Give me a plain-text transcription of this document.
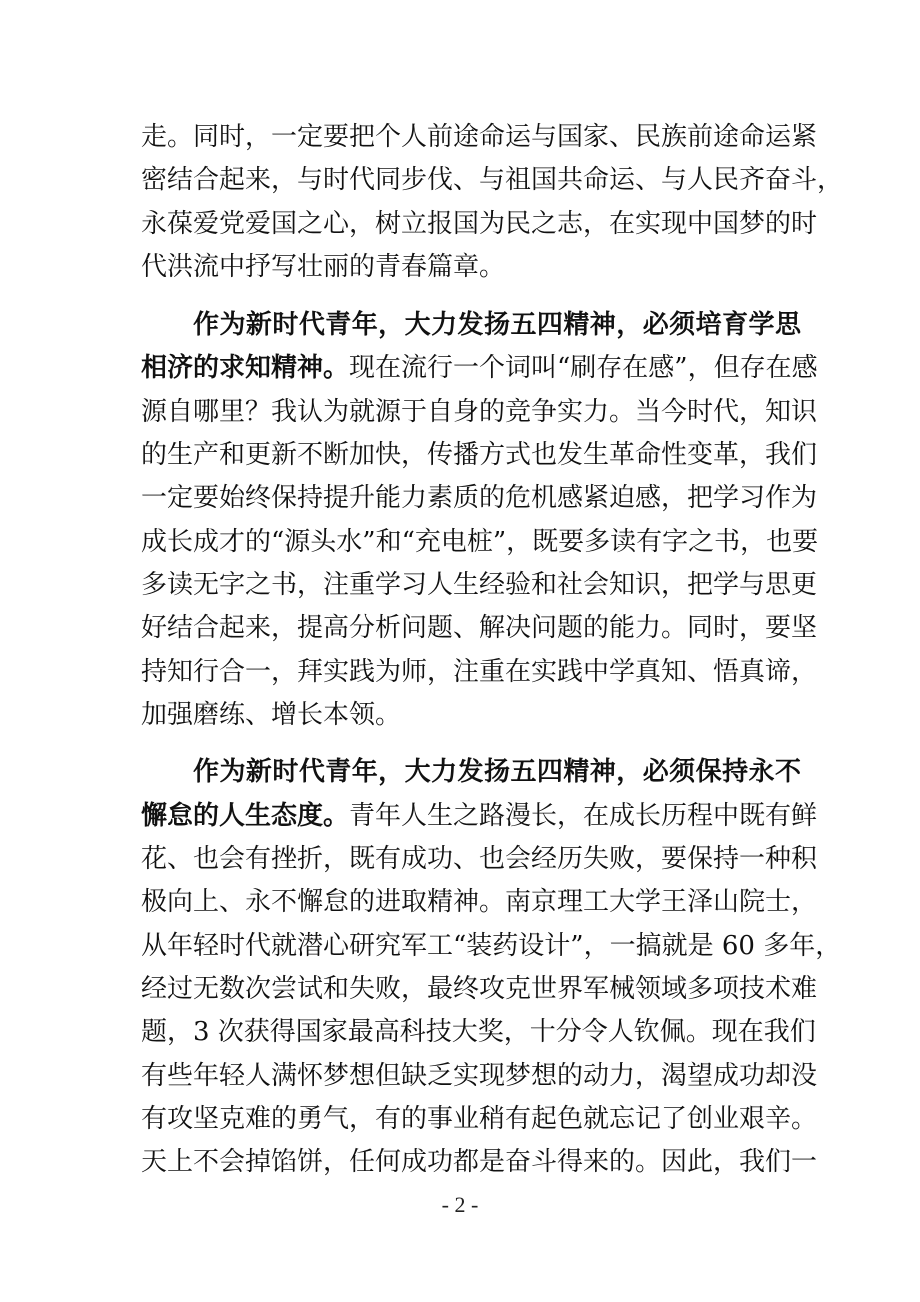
走。同时，一定要把个人前途命运与国家、民族前途命运紧
密结合起来，与时代同步伐、与祖国共命运、与人民齐奋斗，
永葆爱党爱国之心，树立报国为民之志，在实现中国梦的时
代洪流中抒写壮丽的青春篇章。
作为新时代青年，大力发扬五四精神，必须培育学思
相济的求知精神。现在流行一个词叫“刷存在感”，但存在感
源自哪里？我认为就源于自身的竞争实力。当今时代，知识
的生产和更新不断加快，传播方式也发生革命性变革，我们
一定要始终保持提升能力素质的危机感紧迫感，把学习作为
成长成才的“源头水”和“充电桩”，既要多读有字之书，也要
多读无字之书，注重学习人生经验和社会知识，把学与思更
好结合起来，提高分析问题、解决问题的能力。同时，要坚
持知行合一，拜实践为师，注重在实践中学真知、悟真谛，
加强磨练、增长本领。
作为新时代青年，大力发扬五四精神，必须保持永不
懈怠的人生态度。青年人生之路漫长，在成长历程中既有鲜
花、也会有挫折，既有成功、也会经历失败，要保持一种积
极向上、永不懈怠的进取精神。南京理工大学王泽山院士，
从年轻时代就潜心研究军工“装药设计”，一搞就是 60 多年，
经过无数次尝试和失败，最终攻克世界军械领域多项技术难
题，3 次获得国家最高科技大奖，十分令人钦佩。现在我们
有些年轻人满怀梦想但缺乏实现梦想的动力，渴望成功却没
有攻坚克难的勇气，有的事业稍有起色就忘记了创业艰辛。
天上不会掉馅饼，任何成功都是奋斗得来的。因此，我们一
- 2 -
